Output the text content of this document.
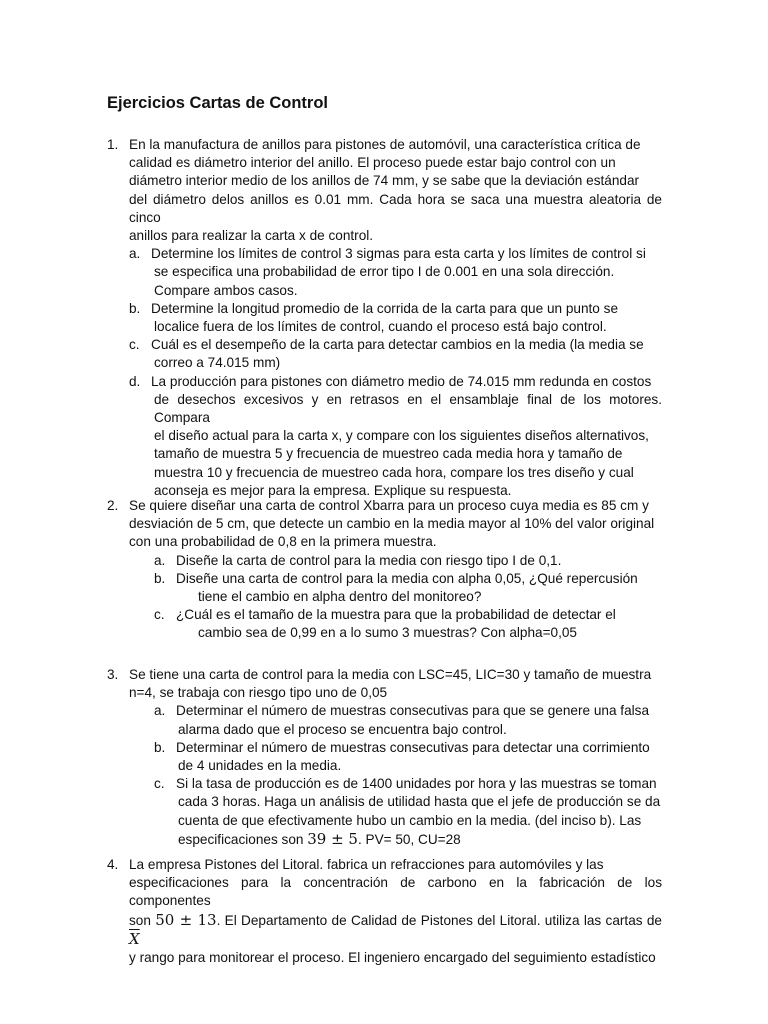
Ejercicios Cartas de Control
1. En la manufactura de anillos para pistones de automóvil, una característica crítica de
calidad es diámetro interior del anillo. El proceso puede estar bajo control con un
diámetro interior medio de los anillos de 74 mm, y se sabe que la deviación estándar
del diámetro delos anillos es 0.01 mm. Cada hora se saca una muestra aleatoria de cinco
anillos para realizar la carta x de control.
a. Determine los límites de control 3 sigmas para esta carta y los límites de control si
se especifica una probabilidad de error tipo I de 0.001 en una sola dirección.
Compare ambos casos.
b. Determine la longitud promedio de la corrida de la carta para que un punto se
localice fuera de los límites de control, cuando el proceso está bajo control.
c. Cuál es el desempeño de la carta para detectar cambios en la media (la media se
correo a 74.015 mm)
d. La producción para pistones con diámetro medio de 74.015 mm redunda en costos
de desechos excesivos y en retrasos en el ensamblaje final de los motores. Compara
el diseño actual para la carta x, y compare con los siguientes diseños alternativos,
tamaño de muestra 5 y frecuencia de muestreo cada media hora y tamaño de
muestra 10 y frecuencia de muestreo cada hora, compare los tres diseño y cual
aconseja es mejor para la empresa. Explique su respuesta.
2. Se quiere diseñar una carta de control Xbarra para un proceso cuya media es 85 cm y
desviación de 5 cm, que detecte un cambio en la media mayor al 10% del valor original
con una probabilidad de 0,8 en la primera muestra.
a. Diseñe la carta de control para la media con riesgo tipo I de 0,1.
b. Diseñe una carta de control para la media con alpha 0,05, ¿Qué repercusión
tiene el cambio en alpha dentro del monitoreo?
c. ¿Cuál es el tamaño de la muestra para que la probabilidad de detectar el
cambio sea de 0,99 en a lo sumo 3 muestras? Con alpha=0,05
3. Se tiene una carta de control para la media con LSC=45, LIC=30 y tamaño de muestra
n=4, se trabaja con riesgo tipo uno de 0,05
a. Determinar el número de muestras consecutivas para que se genere una falsa
alarma dado que el proceso se encuentra bajo control.
b. Determinar el número de muestras consecutivas para detectar una corrimiento
de 4 unidades en la media.
c. Si la tasa de producción es de 1400 unidades por hora y las muestras se toman
cada 3 horas. Haga un análisis de utilidad hasta que el jefe de producción se da
cuenta de que efectivamente hubo un cambio en la media. (del inciso b). Las
especificaciones son 39 ± 5. PV= 50, CU=28
4. La empresa Pistones del Litoral. fabrica un refracciones para automóviles y las
especificaciones para la concentración de carbono en la fabricación de los componentes
son 50 ± 13. El Departamento de Calidad de Pistones del Litoral. utiliza las cartas de $\overline{X}$
y rango para monitorear el proceso. El ingeniero encargado del seguimiento estadístico
